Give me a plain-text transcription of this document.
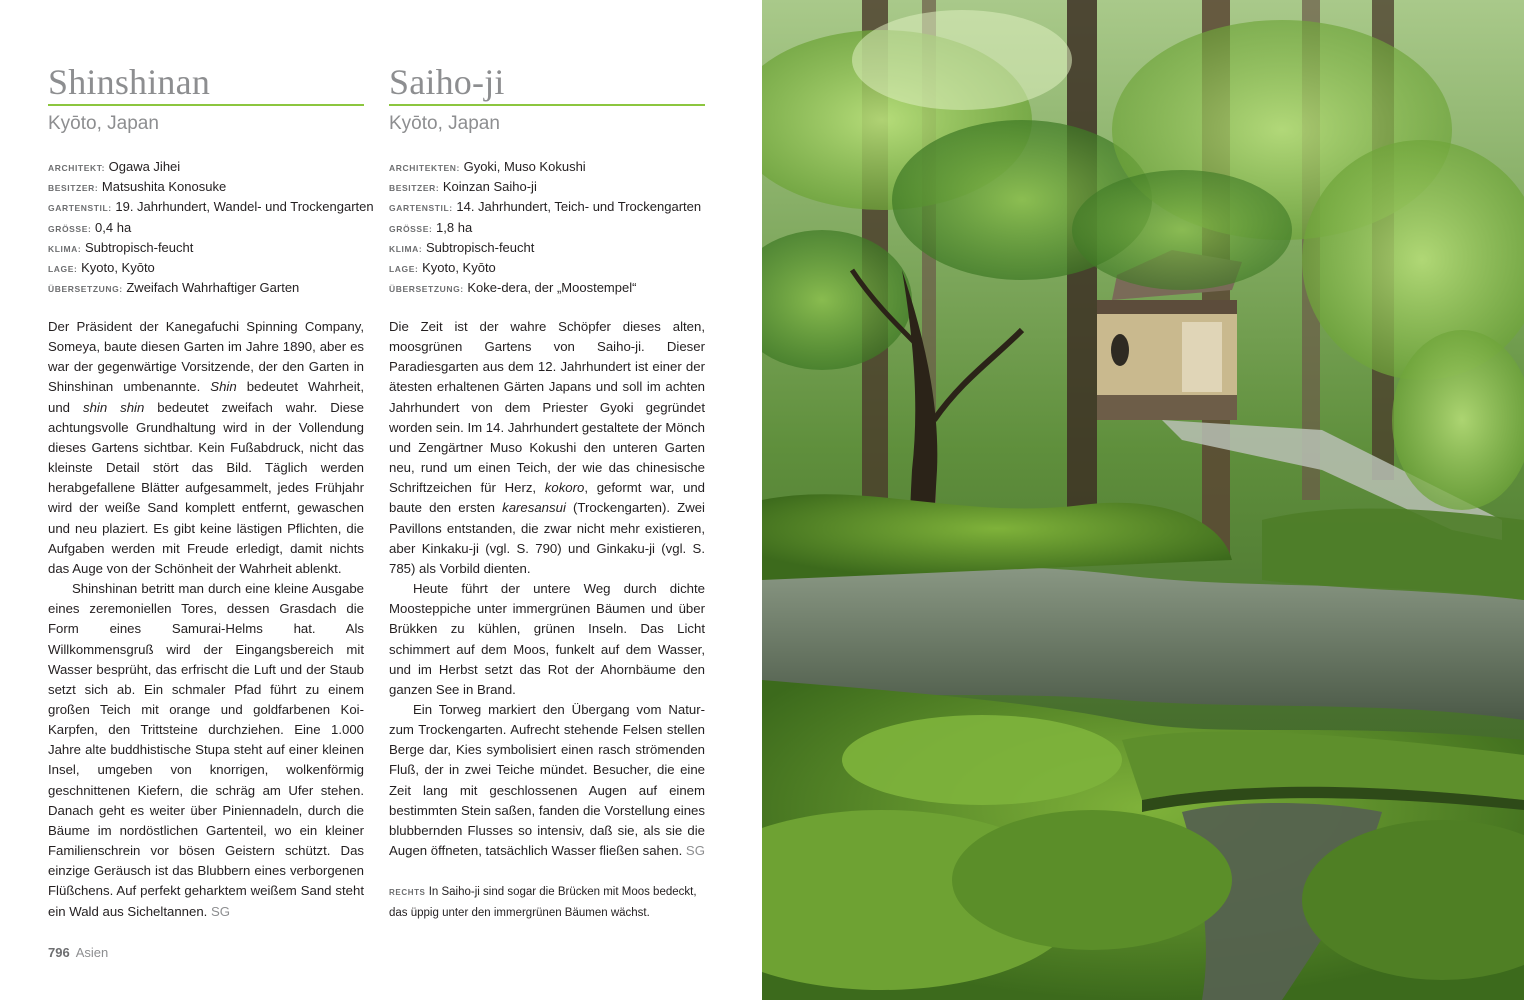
Shinshinan
Kyōto, Japan
ARCHITEKT: Ogawa Jihei
BESITZER: Matsushita Konosuke
GARTENSTIL: 19. Jahrhundert, Wandel- und Trockengarten
GRÖSSE: 0,4 ha
KLIMA: Subtropisch-feucht
LAGE: Kyoto, Kyōto
ÜBERSETZUNG: Zweifach Wahrhaftiger Garten

Der Präsident der Kanegafuchi Spinning Company, Someya, baute diesen Garten im Jahre 1890, aber es war der gegenwärtige Vorsitzende, der den Garten in Shinshinan umbenannte. Shin bedeutet Wahrheit, und shin shin bedeutet zweifach wahr. Diese achtungsvolle Grundhaltung wird in der Vollendung dieses Gartens sichtbar. Kein Fußabdruck, nicht das kleinste Detail stört das Bild. Täglich werden herabgefallene Blätter aufgesammelt, jedes Frühjahr wird der weiße Sand komplett entfernt, gewaschen und neu plaziert. Es gibt keine lästigen Pflichten, die Aufgaben werden mit Freude erledigt, damit nichts das Auge von der Schönheit der Wahrheit ablenkt.

Shinshinan betritt man durch eine kleine Ausgabe eines zeremoniellen Tores, dessen Grasdach die Form eines Samurai-Helms hat. Als Willkommensgruß wird der Eingangsbereich mit Wasser besprüht, das erfrischt die Luft und der Staub setzt sich ab. Ein schmaler Pfad führt zu einem großen Teich mit orange und goldfarbenen Koi-Karpfen, den Trittsteine durchziehen. Eine 1.000 Jahre alte buddhistische Stupa steht auf einer kleinen Insel, umgeben von knorrigen, wolkenförmig geschnittenen Kiefern, die schräg am Ufer stehen. Danach geht es weiter über Piniennadeln, durch die Bäume im nordöstlichen Gartenteil, wo ein kleiner Familienschrein vor bösen Geistern schützt. Das einzige Geräusch ist das Blubbern eines verborgenen Flüßchens. Auf perfekt geharktem weißem Sand steht ein Wald aus Sicheltannen. SG

Saiho-ji
Kyōto, Japan
ARCHITEKTEN: Gyoki, Muso Kokushi
BESITZER: Koinzan Saiho-ji
GARTENSTIL: 14. Jahrhundert, Teich- und Trockengarten
GRÖSSE: 1,8 ha
KLIMA: Subtropisch-feucht
LAGE: Kyoto, Kyōto
ÜBERSETZUNG: Koke-dera, der „Moostempel“

Die Zeit ist der wahre Schöpfer dieses alten, moosgrünen Gartens von Saiho-ji. Dieser Paradiesgarten aus dem 12. Jahrhundert ist einer der ätesten erhaltenen Gärten Japans und soll im achten Jahrhundert von dem Priester Gyoki gegründet worden sein. Im 14. Jahrhundert gestaltete der Mönch und Zengärtner Muso Kokushi den unteren Garten neu, rund um einen Teich, der wie das chinesische Schriftzeichen für Herz, kokoro, geformt war, und baute den ersten karesansui (Trockengarten). Zwei Pavillons entstanden, die zwar nicht mehr existieren, aber Kinkaku-ji (vgl. S. 790) und Ginkaku-ji (vgl. S. 785) als Vorbild dienten.

Heute führt der untere Weg durch dichte Moosteppiche unter immergrünen Bäumen und über Brükken zu kühlen, grünen Inseln. Das Licht schimmert auf dem Moos, funkelt auf dem Wasser, und im Herbst setzt das Rot der Ahornbäume den ganzen See in Brand.

Ein Torweg markiert den Übergang vom Natur- zum Trockengarten. Aufrecht stehende Felsen stellen Berge dar, Kies symbolisiert einen rasch strömenden Fluß, der in zwei Teiche mündet. Besucher, die eine Zeit lang mit geschlossenen Augen auf einem bestimmten Stein saßen, fanden die Vorstellung eines blubbernden Flusses so intensiv, daß sie, als sie die Augen öffneten, tatsächlich Wasser fließen sahen. SG

RECHTS In Saiho-ji sind sogar die Brücken mit Moos bedeckt, das üppig unter den immergrünen Bäumen wächst.
796 Asien
